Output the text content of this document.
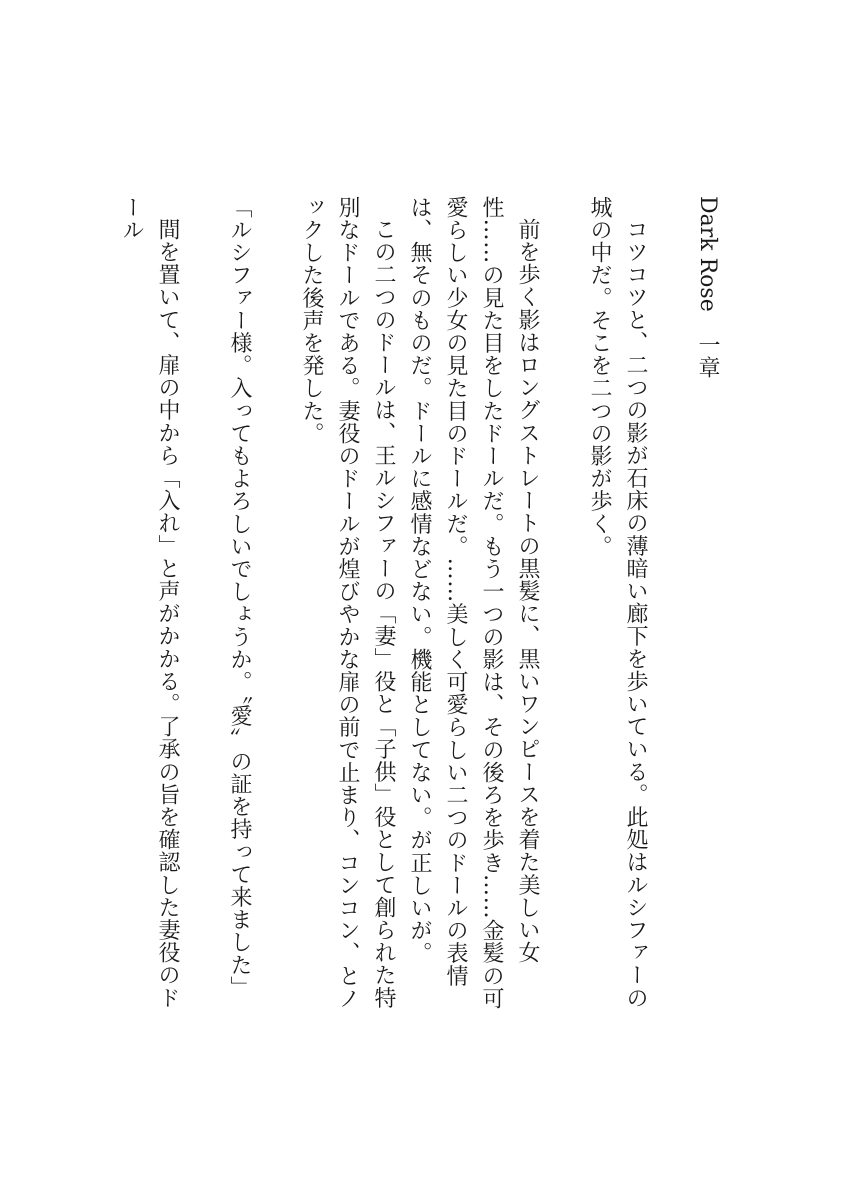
Dark Rose一章

コツコツと、二つの影が石床の薄暗い廊下を歩いている。此処はルシファーの城の中だ。そこを二つの影が歩く。

前を歩く影はロングストレートの黒髪に、黒いワンピースを着た美しい女性……の見た目をしたドールだ。もう一つの影は、その後ろを歩き……金髪の可愛らしい少女の見た目のドールだ。……美しく可愛らしい二つのドールの表情は、無そのものだ。ドールに感情などない。機能としてない。が正しいが。

この二つのドールは、王ルシファーの「妻」役と「子供」役として創られた特別なドールである。妻役のドールが煌びやかな扉の前で止まり、コンコン、とノックした後声を発した。

「ルシファー様。入ってもよろしいでしょうか。〝愛〟の証を持って来ました」

間を置いて、扉の中から「入れ」と声がかかる。了承の旨を確認した妻役のドール
